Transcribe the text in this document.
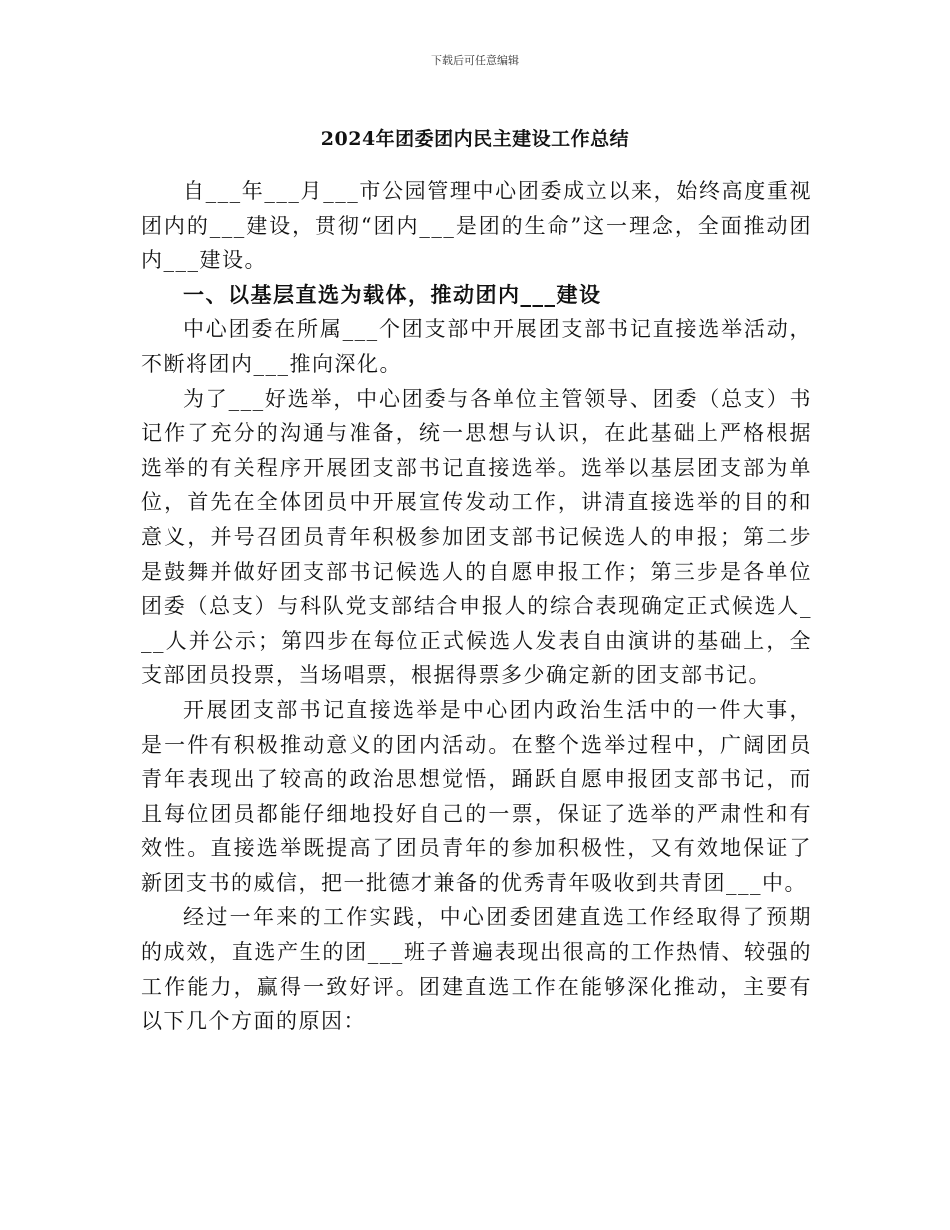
下载后可任意编辑
2024年团委团内民主建设工作总结

自___年___月___市公园管理中心团委成立以来，始终高度重视团内的___建设，贯彻“团内___是团的生命”这一理念，全面推动团内___建设。

一、以基层直选为载体，推动团内___建设

中心团委在所属___个团支部中开展团支部书记直接选举活动，不断将团内___推向深化。

为了___好选举，中心团委与各单位主管领导、团委（总支）书记作了充分的沟通与准备，统一思想与认识，在此基础上严格根据选举的有关程序开展团支部书记直接选举。选举以基层团支部为单位，首先在全体团员中开展宣传发动工作，讲清直接选举的目的和意义，并号召团员青年积极参加团支部书记候选人的申报；第二步是鼓舞并做好团支部书记候选人的自愿申报工作；第三步是各单位团委（总支）与科队党支部结合申报人的综合表现确定正式候选人___人并公示；第四步在每位正式候选人发表自由演讲的基础上，全支部团员投票，当场唱票，根据得票多少确定新的团支部书记。

开展团支部书记直接选举是中心团内政治生活中的一件大事，是一件有积极推动意义的团内活动。在整个选举过程中，广阔团员青年表现出了较高的政治思想觉悟，踊跃自愿申报团支部书记，而且每位团员都能仔细地投好自己的一票，保证了选举的严肃性和有效性。直接选举既提高了团员青年的参加积极性，又有效地保证了新团支书的威信，把一批德才兼备的优秀青年吸收到共青团___中。

经过一年来的工作实践，中心团委团建直选工作经取得了预期的成效，直选产生的团___班子普遍表现出很高的工作热情、较强的工作能力，赢得一致好评。团建直选工作在能够深化推动，主要有以下几个方面的原因：
